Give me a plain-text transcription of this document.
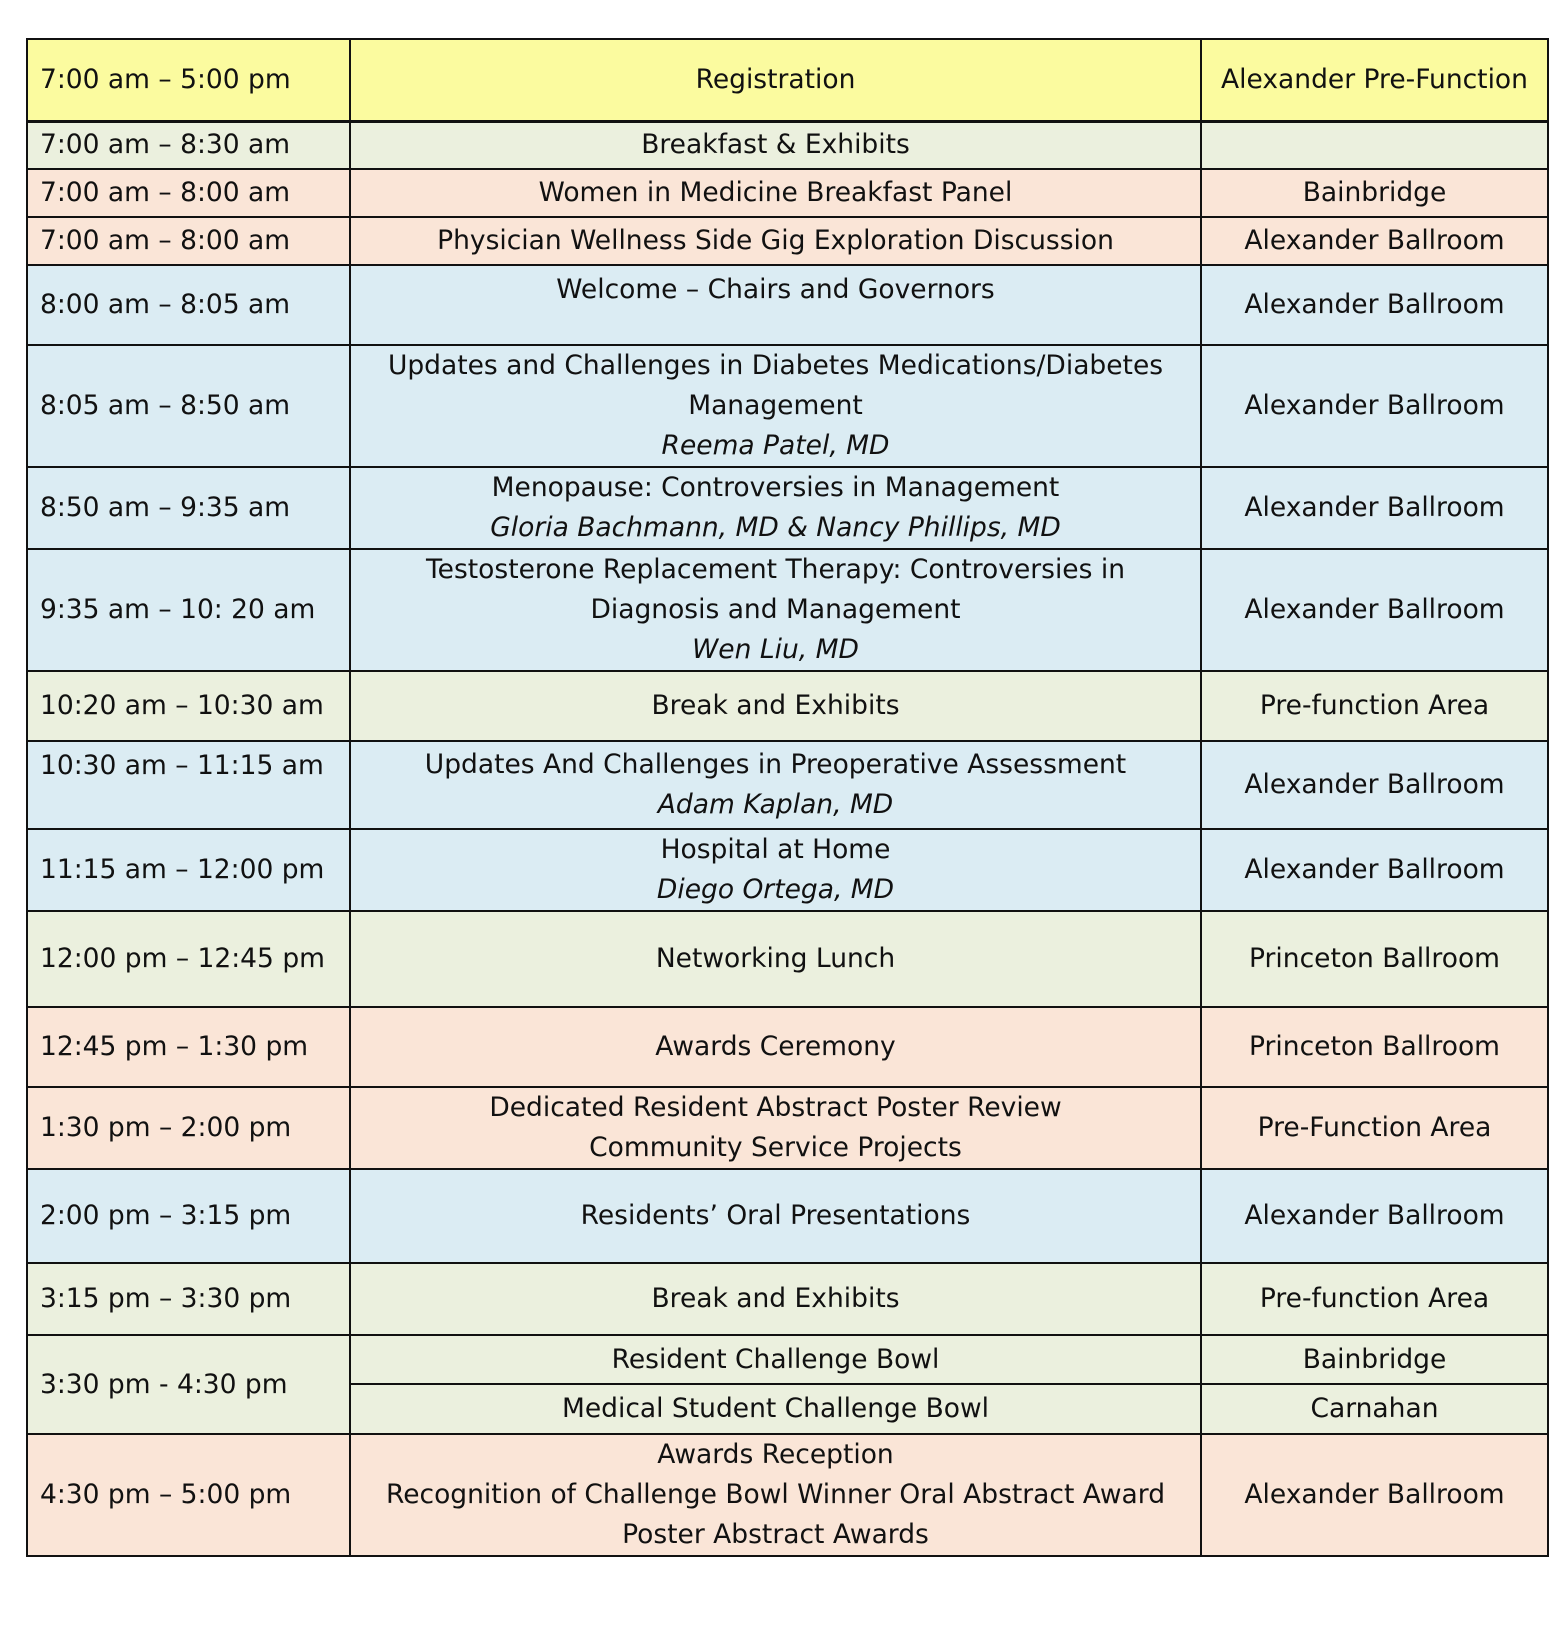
7:00 am – 5:00 pm	Registration	Alexander Pre-Function
7:00 am – 8:30 am	Breakfast & Exhibits	
7:00 am – 8:00 am	Women in Medicine Breakfast Panel	Bainbridge
7:00 am – 8:00 am	Physician Wellness Side Gig Exploration Discussion	Alexander Ballroom
8:00 am – 8:05 am	Welcome – Chairs and Governors	Alexander Ballroom
8:05 am – 8:50 am	Updates and Challenges in Diabetes Medications/Diabetes
Management
Reema Patel, MD	Alexander Ballroom
8:50 am – 9:35 am	Menopause: Controversies in Management
Gloria Bachmann, MD & Nancy Phillips, MD	Alexander Ballroom
9:35 am – 10: 20 am	Testosterone Replacement Therapy: Controversies in
Diagnosis and Management
Wen Liu, MD	Alexander Ballroom
10:20 am – 10:30 am	Break and Exhibits	Pre-function Area
10:30 am – 11:15 am	Updates And Challenges in Preoperative Assessment
Adam Kaplan, MD	Alexander Ballroom
11:15 am – 12:00 pm	Hospital at Home
Diego Ortega, MD	Alexander Ballroom
12:00 pm – 12:45 pm	Networking Lunch	Princeton Ballroom
12:45 pm – 1:30 pm	Awards Ceremony	Princeton Ballroom
1:30 pm – 2:00 pm	Dedicated Resident Abstract Poster Review
Community Service Projects	Pre-Function Area
2:00 pm – 3:15 pm	Residents’ Oral Presentations	Alexander Ballroom
3:15 pm – 3:30 pm	Break and Exhibits	Pre-function Area
3:30 pm - 4:30 pm	Resident Challenge Bowl	Bainbridge
	Medical Student Challenge Bowl	Carnahan
4:30 pm – 5:00 pm	Awards Reception
Recognition of Challenge Bowl Winner Oral Abstract Award
Poster Abstract Awards	Alexander Ballroom
